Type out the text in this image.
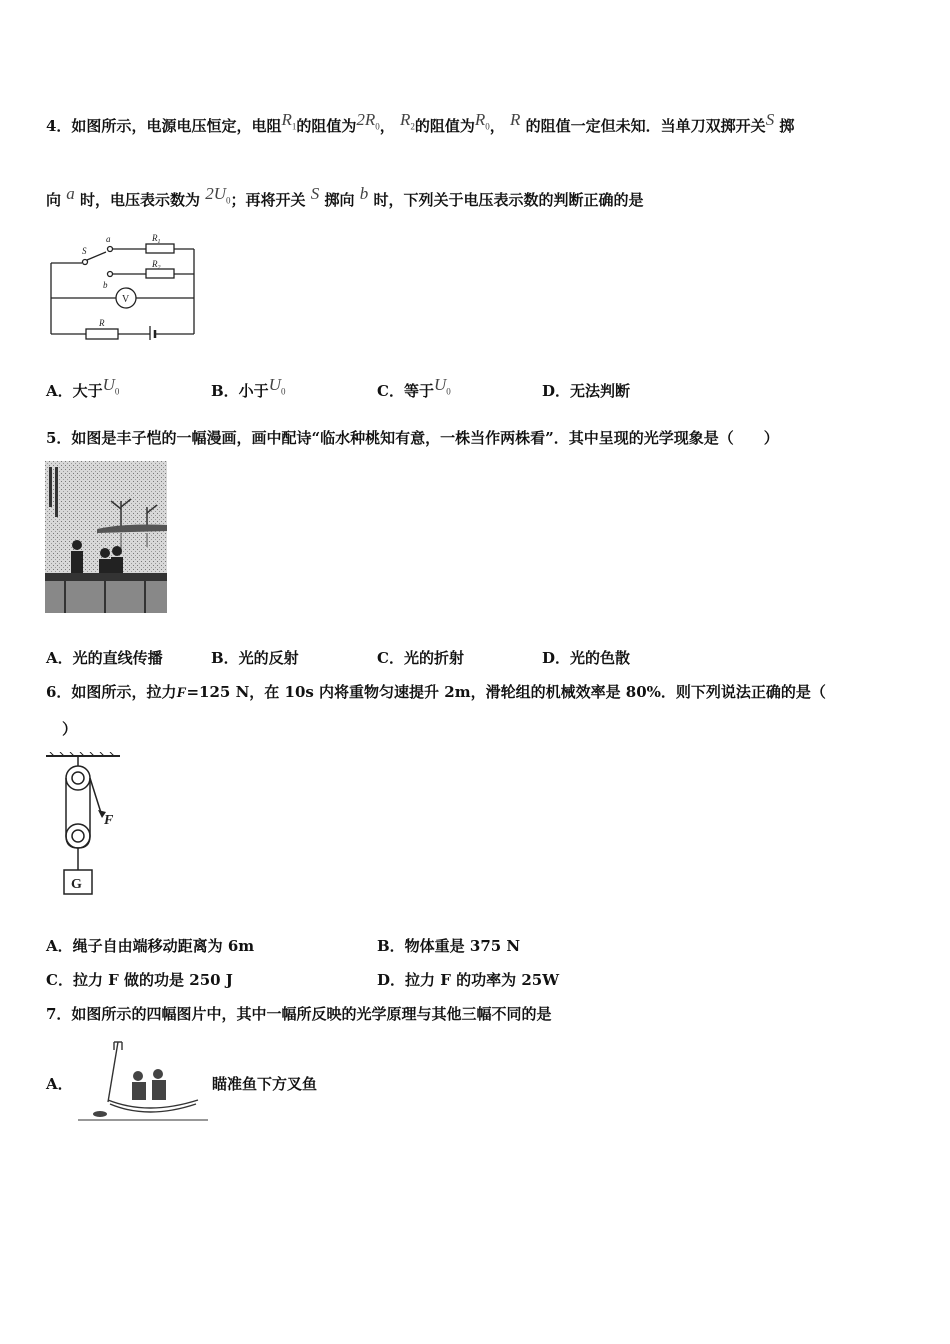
4．如图所示，电源电压恒定，电阻$R_1$的阻值为$2R_0$， $R_2$的阻值为$R_0$， R 的阻值一定但未知．当单刀双掷开关S 掷
向 a 时，电压表示数为 $2U_0$；再将开关 S 掷向 b 时，下列关于电压表示数的判断正确的是
S
a
b
$R_1$
$R_2$
V
R
A．大于$U_0$	B．小于$U_0$	C．等于$U_0$	D．无法判断
5．如图是丰子恺的一幅漫画，画中配诗“临水种桃知有意，一株当作两株看”．其中呈现的光学现象是（　　）
A．光的直线传播	B．光的反射	C．光的折射	D．光的色散
6．如图所示，拉力F=125 N，在 10s 内将重物匀速提升 2m，滑轮组的机械效率是 80%．则下列说法正确的是（
）
F
G
A．绳子自由端移动距离为 6m	B．物体重是 375 N
C．拉力 F 做的功是 250 J	D．拉力 F 的功率为 25W
7．如图所示的四幅图片中，其中一幅所反映的光学原理与其他三幅不同的是
A．	瞄准鱼下方叉鱼
